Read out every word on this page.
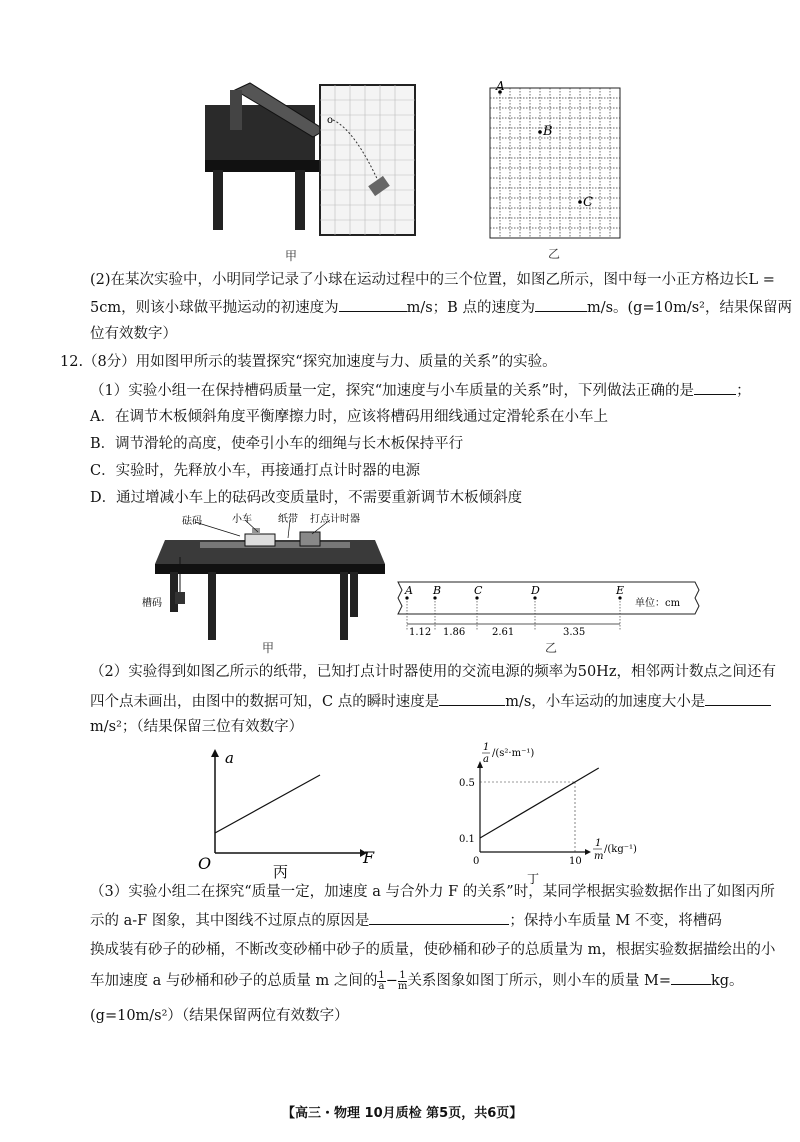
o
甲
A
B
C
乙
(2)在某次实验中，小明同学记录了小球在运动过程中的三个位置，如图乙所示，图中每一小正方格边长L =
5cm，则该小球做平抛运动的初速度为	m/s；B 点的速度为	m/s。(g=10m/s²，结果保留两
位有效数字）
12.（8分）用如图甲所示的装置探究“探究加速度与力、质量的关系”的实验。
（1）实验小组一在保持槽码质量一定，探究“加速度与小车质量的关系”时，下列做法正确的是	；
A．在调节木板倾斜角度平衡摩擦力时，应该将槽码用细线通过定滑轮系在小车上
B．调节滑轮的高度，使牵引小车的细绳与长木板保持平行
C．实验时，先释放小车，再接通打点计时器的电源
D．通过增减小车上的砝码改变质量时，不需要重新调节木板倾斜度
砝码	小车	纸带 打点计时器
槽码
甲
A B	C	D	E
单位：cm
1.12 1.86	2.61	3.35
乙
（2）实验得到如图乙所示的纸带，已知打点计时器使用的交流电源的频率为50Hz，相邻两计数点之间还有
四个点未画出，由图中的数据可知，C 点的瞬时速度是	m/s，小车运动的加速度大小是
m/s²；（结果保留三位有效数字）
a
F
O	丙
1
a
/(s²·m⁻¹)
1
m
/(kg⁻¹)
0	10
0.5
0.1
丁
（3）实验小组二在探究“质量一定，加速度 a 与合外力 F 的关系”时，某同学根据实验数据作出了如图丙所
示的 a-F 图象，其中图线不过原点的原因是	；保持小车质量 M 不变，将槽码
换成装有砂子的砂桶，不断改变砂桶中砂子的质量，使砂桶和砂子的总质量为 m，根据实验数据描绘出的小
车加速度 a 与砂桶和砂子的总质量 m 之间的 $\frac{1}{a} - \frac{1}{m}$ 关系图象如图丁所示，则小车的质量 M=	kg。
(g=10m/s²）（结果保留两位有效数字）
【高三・物理 10月质检 第5页，共6页】
